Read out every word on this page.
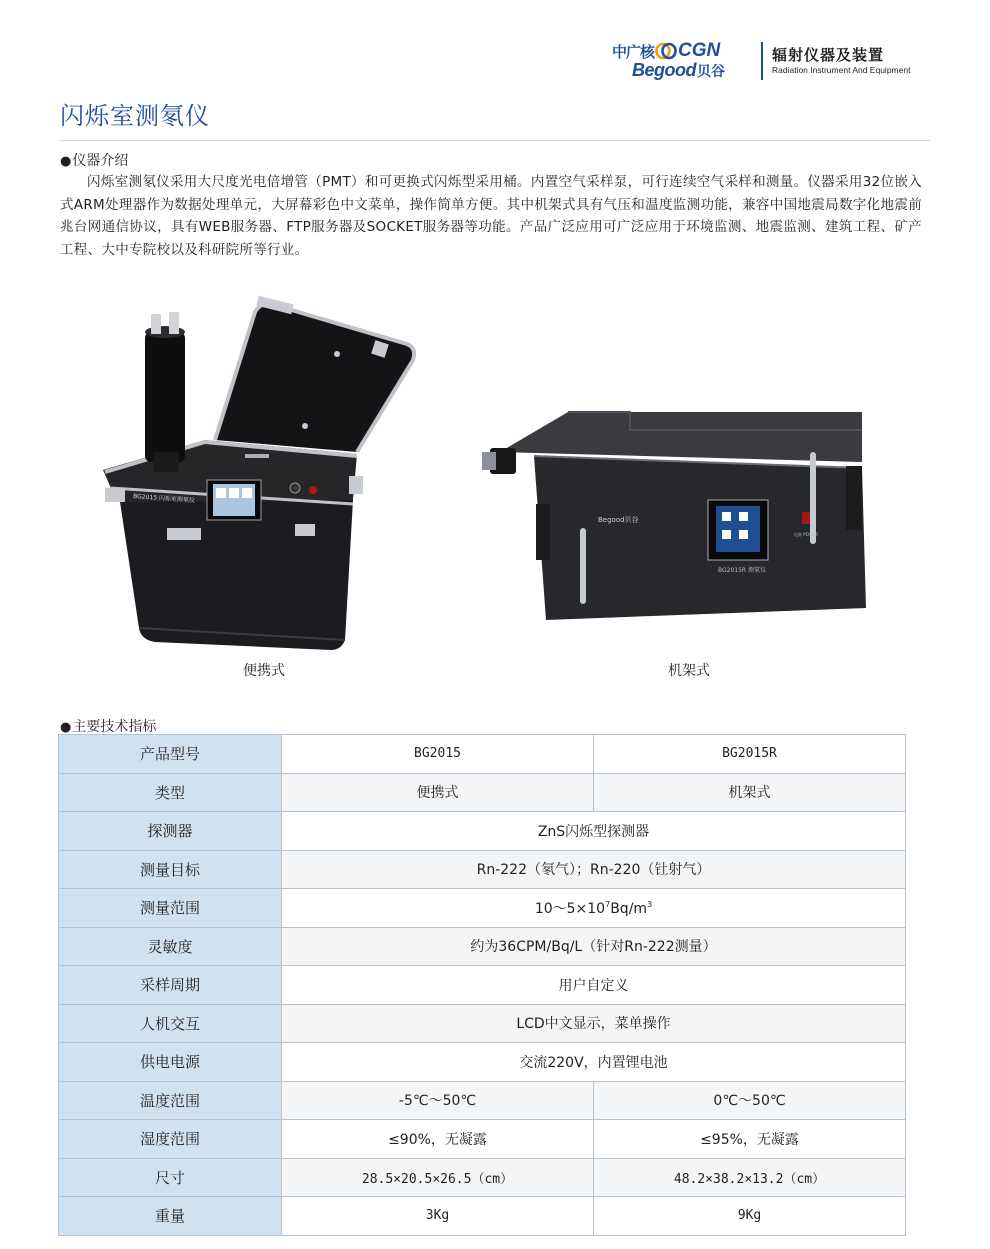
中广核 CGN
Begood 贝谷
辐射仪器及装置
Radiation Instrument And Equipment
闪烁室测氡仪
●仪器介绍
闪烁室测氡仪采用大尺度光电倍增管（PMT）和可更换式闪烁型采用桶。内置空气采样泵，可行连续空气采样和测量。仪器采用32位嵌入式ARM处理器作为数据处理单元，大屏幕彩色中文菜单，操作简单方便。其中机架式具有气压和温度监测功能，兼容中国地震局数字化地震前兆台网通信协议，具有WEB服务器、FTP服务器及SOCKET服务器等功能。产品广泛应用可广泛应用于环境监测、地震监测、建筑工程、矿产工程、大中专院校以及科研院所等行业。
BG2015 闪烁室测氡仪
便携式
Begood贝谷
BG2015R 测氡仪
电源 POWER
机架式
●主要技术指标
产品型号	BG2015	BG2015R
类型	便携式	机架式
探测器	ZnS闪烁型探测器	
测量目标	Rn-222（氡气）；Rn-220（钍射气）	
测量范围	$10\sim 5\times 10^7Bq/m^3$
灵敏度	约为36CPM/Bq/L（针对Rn-222测量）	
采样周期	用户自定义	
人机交互	LCD中文显示，菜单操作	
供电电源	交流220V，内置锂电池	
温度范围	-5℃～50℃	0℃～50℃
湿度范围	≤90%，无凝露	≤95%，无凝露
尺寸	28.5×20.5×26.5（cm）	48.2×38.2×13.2（cm）
重量	3Kg	9Kg
